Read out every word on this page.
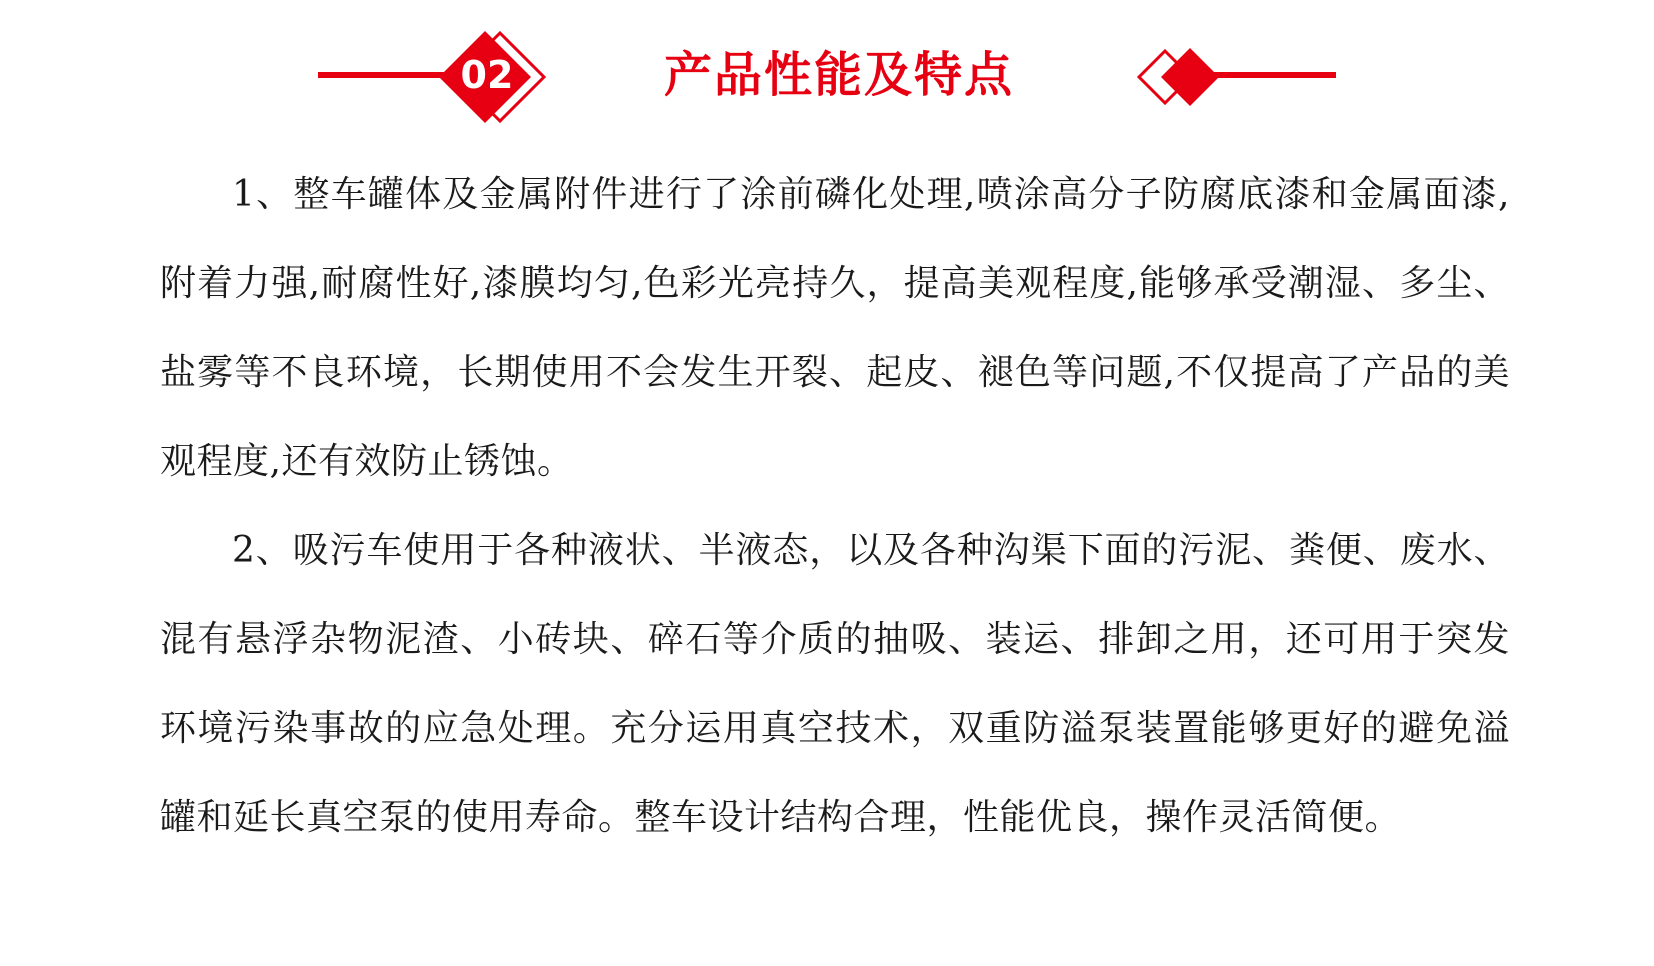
02	产品性能及特点

1、整车罐体及金属附件进行了涂前磷化处理,喷涂高分子防腐底漆和金属面漆, 附着力强,耐腐性好,漆膜均匀,色彩光亮持久，提高美观程度,能够承受潮湿、多尘、盐雾等不良环境，长期使用不会发生开裂、起皮、褪色等问题,不仅提高了产品的美观程度,还有效防止锈蚀。

2、吸污车使用于各种液状、半液态，以及各种沟渠下面的污泥、粪便、废水、混有悬浮杂物泥渣、小砖块、碎石等介质的抽吸、装运、排卸之用，还可用于突发环境污染事故的应急处理。充分运用真空技术，双重防溢泵装置能够更好的避免溢罐和延长真空泵的使用寿命。整车设计结构合理，性能优良，操作灵活简便。
